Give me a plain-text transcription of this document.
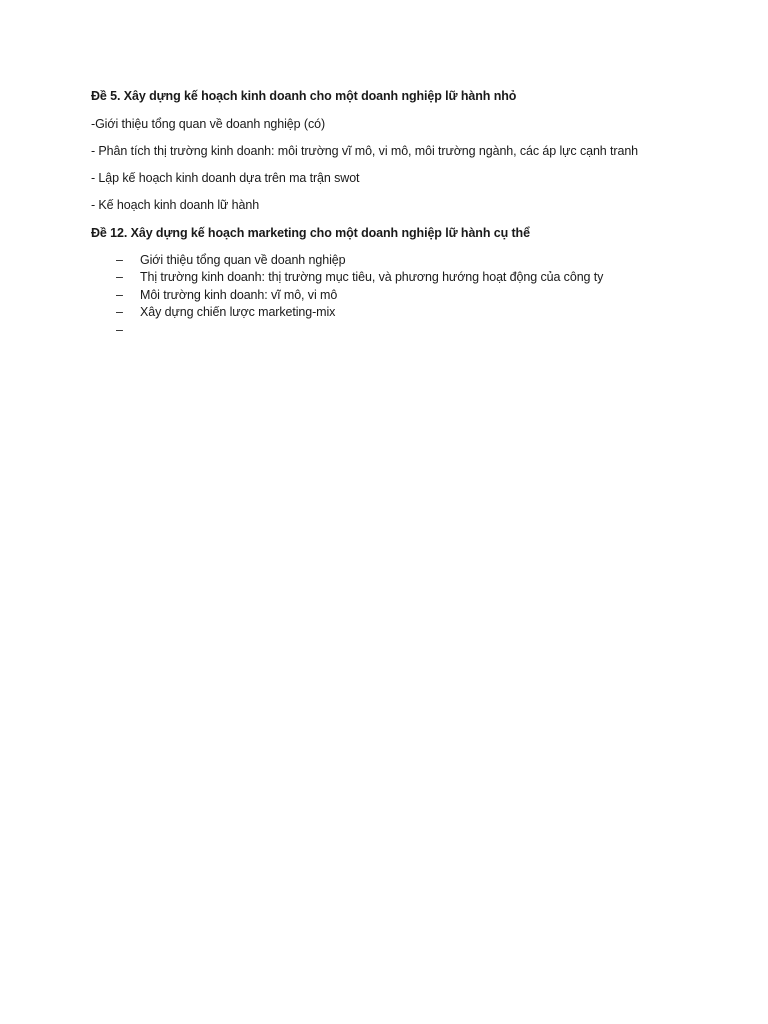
Đề 5. Xây dựng kế hoạch kinh doanh cho một doanh nghiệp lữ hành nhỏ
-Giới thiệu tổng quan về doanh nghiệp (có)
- Phân tích thị trường kinh doanh: môi trường vĩ mô, vi mô, môi trường ngành, các áp lực cạnh tranh
- Lập kế hoạch kinh doanh dựa trên ma trận swot
- Kế hoạch kinh doanh lữ hành
Đề 12. Xây dựng kế hoạch marketing cho một doanh nghiệp lữ hành cụ thể
– Giới thiệu tổng quan về doanh nghiệp
– Thị trường kinh doanh: thị trường mục tiêu, và phương hướng hoạt động của công ty
– Môi trường kinh doanh: vĩ mô, vi mô
– Xây dựng chiến lược marketing-mix
–
